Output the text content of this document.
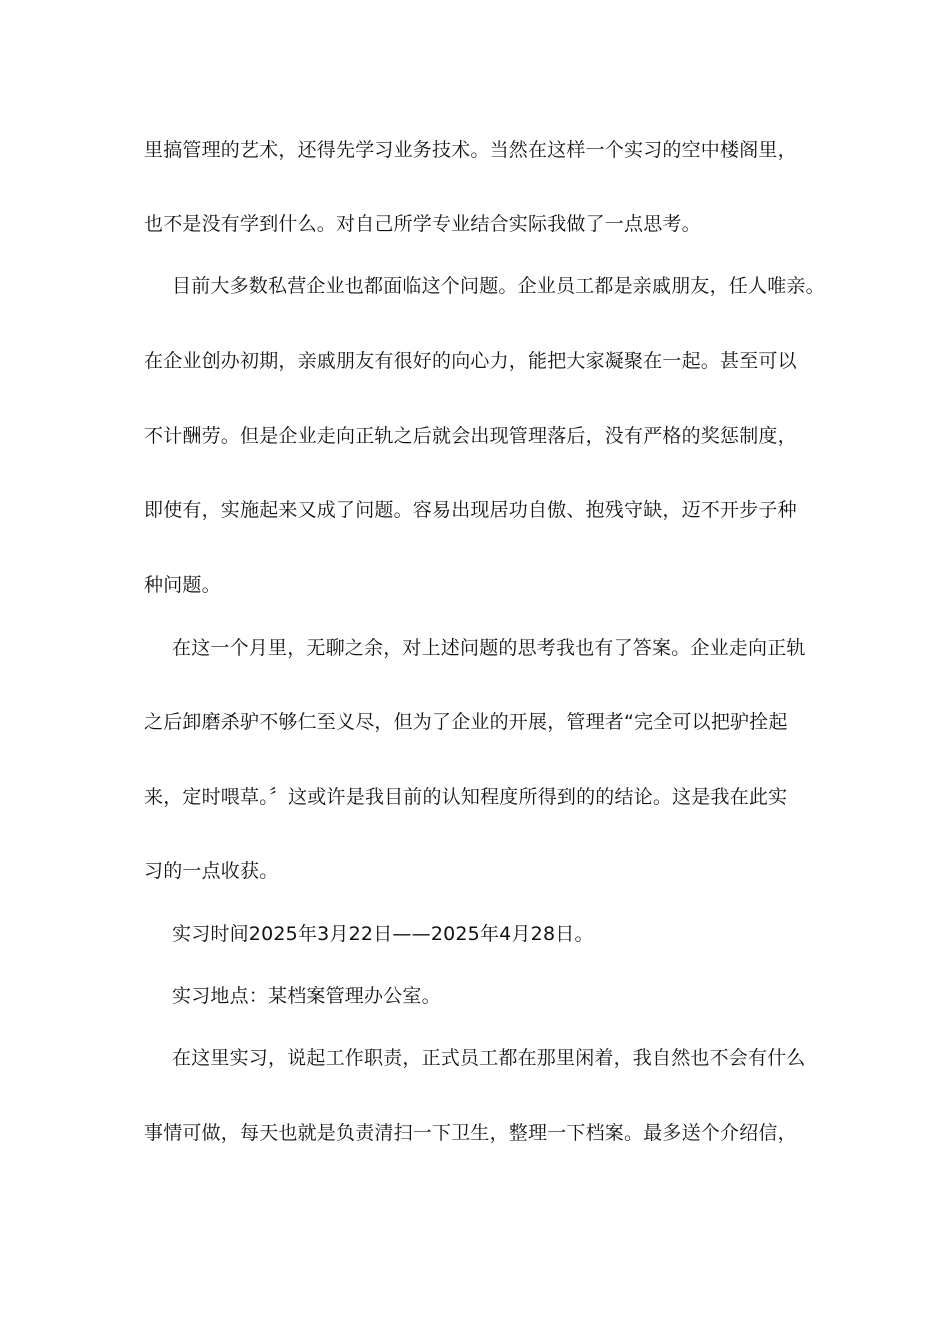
里搞管理的艺术，还得先学习业务技术。当然在这样一个实习的空中楼阁里，
也不是没有学到什么。对自己所学专业结合实际我做了一点思考。
目前大多数私营企业也都面临这个问题。企业员工都是亲戚朋友，任人唯亲。
在企业创办初期，亲戚朋友有很好的向心力，能把大家凝聚在一起。甚至可以
不计酬劳。但是企业走向正轨之后就会出现管理落后，没有严格的奖惩制度，
即使有，实施起来又成了问题。容易出现居功自傲、抱残守缺，迈不开步子种
种问题。
在这一个月里，无聊之余，对上述问题的思考我也有了答案。企业走向正轨
之后卸磨杀驴不够仁至义尽，但为了企业的开展，管理者“完全可以把驴拴起
来，定时喂草。〞这或许是我目前的认知程度所得到的的结论。这是我在此实
习的一点收获。
实习时间2025年3月22日——2025年4月28日。
实习地点：某档案管理办公室。
在这里实习，说起工作职责，正式员工都在那里闲着，我自然也不会有什么
事情可做，每天也就是负责清扫一下卫生，整理一下档案。最多送个介绍信，
